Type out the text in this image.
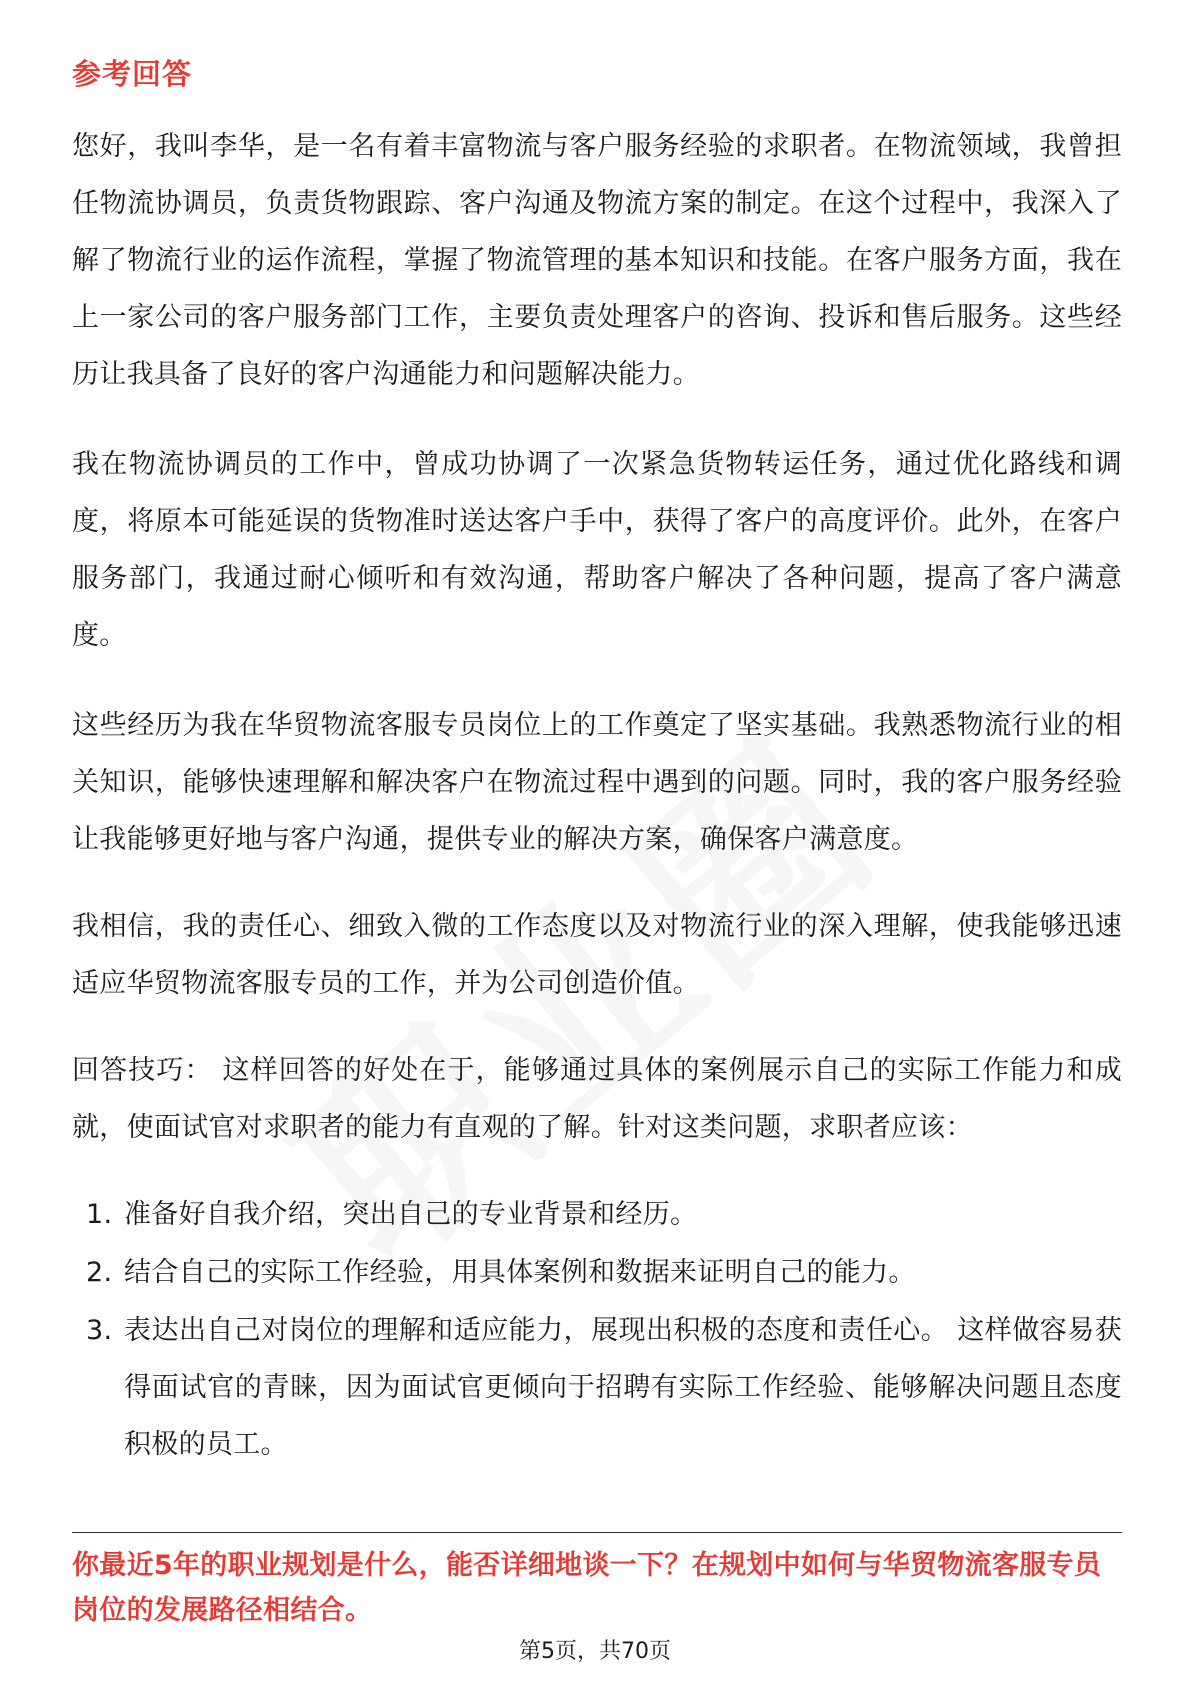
参考回答

您好，我叫李华，是一名有着丰富物流与客户服务经验的求职者。在物流领域，我曾担任物流协调员，负责货物跟踪、客户沟通及物流方案的制定。在这个过程中，我深入了解了物流行业的运作流程，掌握了物流管理的基本知识和技能。在客户服务方面，我在上一家公司的客户服务部门工作，主要负责处理客户的咨询、投诉和售后服务。这些经历让我具备了良好的客户沟通能力和问题解决能力。

我在物流协调员的工作中，曾成功协调了一次紧急货物转运任务，通过优化路线和调度，将原本可能延误的货物准时送达客户手中，获得了客户的高度评价。此外，在客户服务部门，我通过耐心倾听和有效沟通，帮助客户解决了各种问题，提高了客户满意度。

这些经历为我在华贸物流客服专员岗位上的工作奠定了坚实基础。我熟悉物流行业的相关知识，能够快速理解和解决客户在物流过程中遇到的问题。同时，我的客户服务经验让我能够更好地与客户沟通，提供专业的解决方案，确保客户满意度。

我相信，我的责任心、细致入微的工作态度以及对物流行业的深入理解，使我能够迅速适应华贸物流客服专员的工作，并为公司创造价值。

回答技巧： 这样回答的好处在于，能够通过具体的案例展示自己的实际工作能力和成就，使面试官对求职者的能力有直观的了解。针对这类问题，求职者应该：

1. 准备好自我介绍，突出自己的专业背景和经历。
2. 结合自己的实际工作经验，用具体案例和数据来证明自己的能力。
3. 表达出自己对岗位的理解和适应能力，展现出积极的态度和责任心。 这样做容易获得面试官的青睐，因为面试官更倾向于招聘有实际工作经验、能够解决问题且态度积极的员工。

你最近5年的职业规划是什么，能否详细地谈一下？在规划中如何与华贸物流客服专员岗位的发展路径相结合。

第5页，共70页
